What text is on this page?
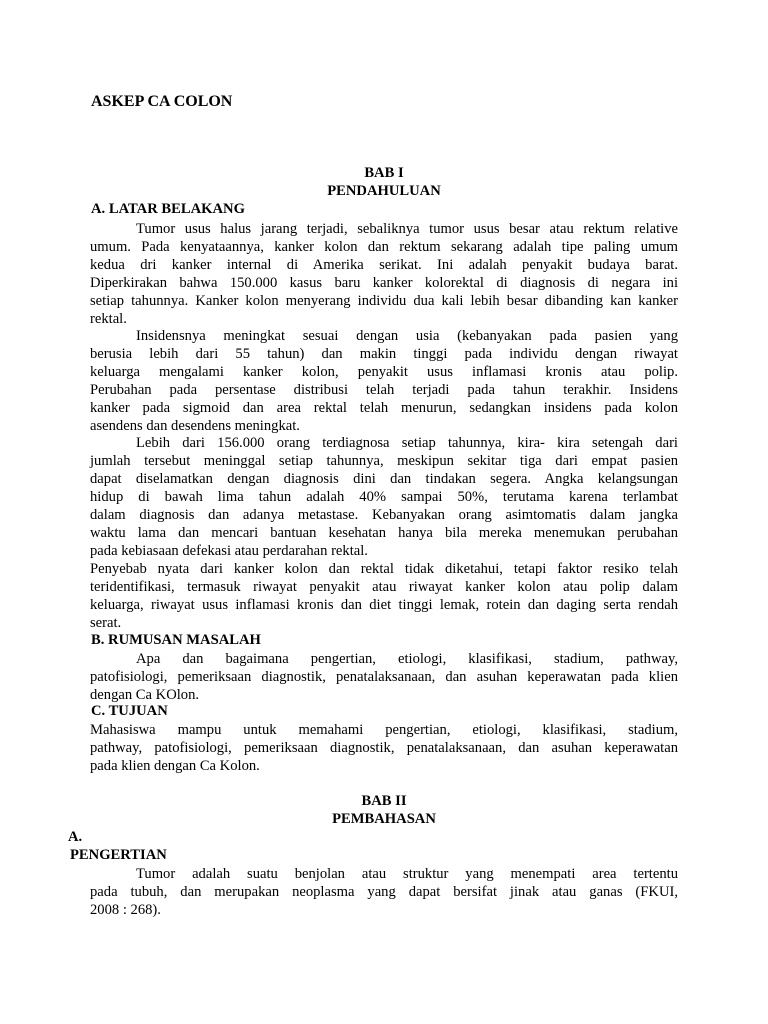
ASKEP CA COLON

BAB I

PENDAHULUAN

A. LATAR BELAKANG

Tumor usus halus jarang terjadi, sebaliknya tumor usus besar atau rektum relative
umum. Pada kenyataannya, kanker kolon dan rektum sekarang adalah tipe paling umum
kedua dri kanker internal di Amerika serikat. Ini adalah penyakit budaya barat.
Diperkirakan bahwa 150.000 kasus baru kanker kolorektal di diagnosis di negara ini
setiap tahunnya. Kanker kolon menyerang individu dua kali lebih besar dibanding kan kanker
rektal.
Insidensnya meningkat sesuai dengan usia (kebanyakan pada pasien yang
berusia lebih dari 55 tahun) dan makin tinggi pada individu dengan riwayat
keluarga mengalami kanker kolon, penyakit usus inflamasi kronis atau polip.
Perubahan pada persentase distribusi telah terjadi pada tahun terakhir. Insidens
kanker pada sigmoid dan area rektal telah menurun, sedangkan insidens pada kolon
asendens dan desendens meningkat.
Lebih dari 156.000 orang terdiagnosa setiap tahunnya, kira- kira setengah dari
jumlah tersebut meninggal setiap tahunnya, meskipun sekitar tiga dari empat pasien
dapat diselamatkan dengan diagnosis dini dan tindakan segera. Angka kelangsungan
hidup di bawah lima tahun adalah 40% sampai 50%, terutama karena terlambat
dalam diagnosis dan adanya metastase. Kebanyakan orang asimtomatis dalam jangka
waktu lama dan mencari bantuan kesehatan hanya bila mereka menemukan perubahan
pada kebiasaan defekasi atau perdarahan rektal.
Penyebab nyata dari kanker kolon dan rektal tidak diketahui, tetapi faktor resiko telah
teridentifikasi, termasuk riwayat penyakit atau riwayat kanker kolon atau polip dalam
keluarga, riwayat usus inflamasi kronis dan diet tinggi lemak, rotein dan daging serta rendah
serat.

B. RUMUSAN MASALAH

Apa dan bagaimana pengertian, etiologi, klasifikasi, stadium, pathway,
patofisiologi, pemeriksaan diagnostik, penatalaksanaan, dan asuhan keperawatan pada klien
dengan Ca KOlon.

C. TUJUAN

Mahasiswa mampu untuk memahami pengertian, etiologi, klasifikasi, stadium,
pathway, patofisiologi, pemeriksaan diagnostik, penatalaksanaan, dan asuhan keperawatan
pada klien dengan Ca Kolon.

BAB II

PEMBAHASAN

A.

PENGERTIAN

Tumor adalah suatu benjolan atau struktur yang menempati area tertentu
pada tubuh, dan merupakan neoplasma yang dapat bersifat jinak atau ganas (FKUI,
2008 : 268).
